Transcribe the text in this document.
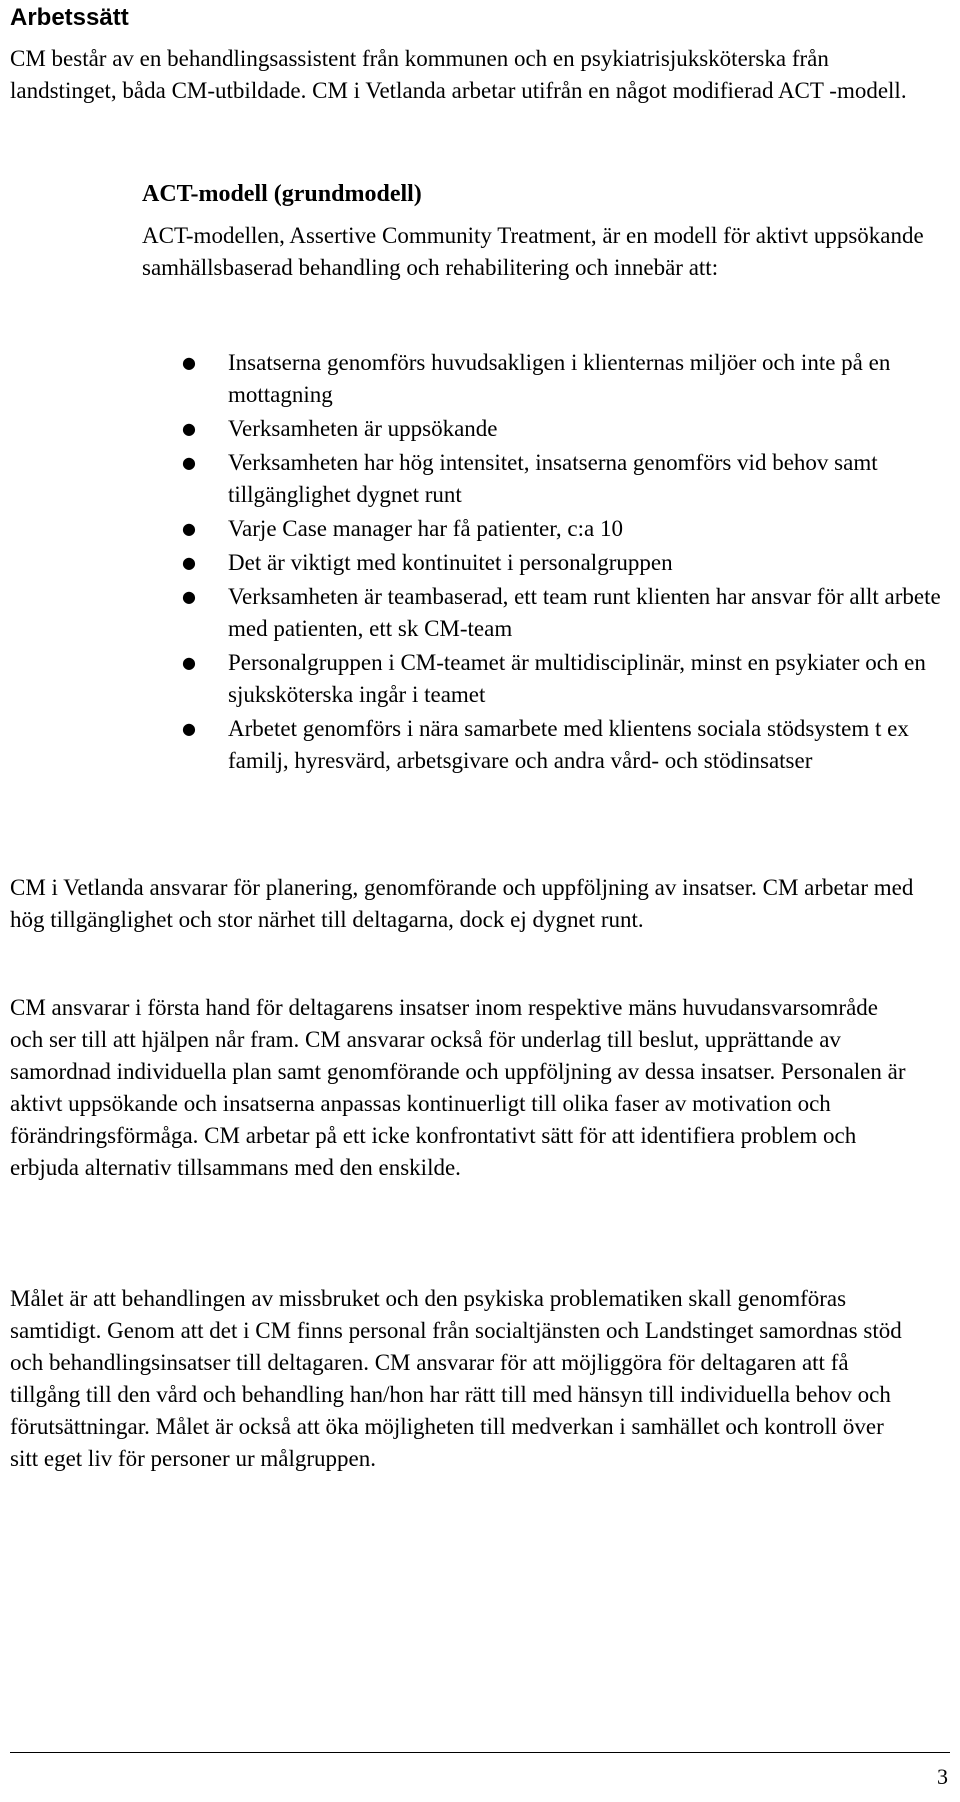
Arbetssätt

CM består av en behandlingsassistent från kommunen och en psykiatrisjuksköterska från landstinget, båda CM-utbildade. CM i Vetlanda arbetar utifrån en något modifierad ACT -modell.

ACT-modell (grundmodell)

ACT-modellen, Assertive Community Treatment, är en modell för aktivt uppsökande samhällsbaserad behandling och rehabilitering och innebär att:

● Insatserna genomförs huvudsakligen i klienternas miljöer och inte på en mottagning
● Verksamheten är uppsökande
● Verksamheten har hög intensitet, insatserna genomförs vid behov samt tillgänglighet dygnet runt
● Varje Case manager har få patienter, c:a 10
● Det är viktigt med kontinuitet i personalgruppen
● Verksamheten är teambaserad, ett team runt klienten har ansvar för allt arbete med patienten, ett sk CM-team
● Personalgruppen i CM-teamet är multidisciplinär, minst en psykiater och en sjuksköterska ingår i teamet
● Arbetet genomförs i nära samarbete med klientens sociala stödsystem t ex familj, hyresvärd, arbetsgivare och andra vård- och stödinsatser

CM i Vetlanda ansvarar för planering, genomförande och uppföljning av insatser. CM arbetar med hög tillgänglighet och stor närhet till deltagarna, dock ej dygnet runt.

CM ansvarar i första hand för deltagarens insatser inom respektive mäns huvudansvarsområde och ser till att hjälpen når fram. CM ansvarar också för underlag till beslut, upprättande av samordnad individuella plan samt genomförande och uppföljning av dessa insatser. Personalen är aktivt uppsökande och insatserna anpassas kontinuerligt till olika faser av motivation och förändringsförmåga. CM arbetar på ett icke konfrontativt sätt för att identifiera problem och erbjuda alternativ tillsammans med den enskilde.

Målet är att behandlingen av missbruket och den psykiska problematiken skall genomföras samtidigt. Genom att det i CM finns personal från socialtjänsten och Landstinget samordnas stöd och behandlingsinsatser till deltagaren. CM ansvarar för att möjliggöra för deltagaren att få tillgång till den vård och behandling han/hon har rätt till med hänsyn till individuella behov och förutsättningar. Målet är också att öka möjligheten till medverkan i samhället och kontroll över sitt eget liv för personer ur målgruppen.

3
